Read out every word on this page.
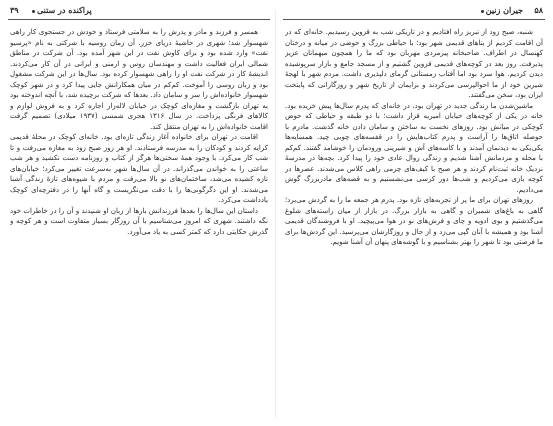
۳۹	پراکنده در ستنی

همسر و فرزند و مادر و پدرش را به سلامتی فرستاد و خودش در جستجوی کار راهی شهسوار شد؛ شهری در حاشیهٔ دریای خزر. آن زمان روسیه با شرکتی به نام «پرسیو نفت» وارد شده بود و برای کاوش نفت در این شهر آمده بود. آن شرکت در مناطق شمالی ایران فعالیت داشت و مهندسان روس و ارمنی و ایرانی در آن کار می‌کردند. اندیشهٔ کار در شرکت نفت او را راهی شهسوار کرده بود. سال‌ها در این شرکت مشغول بود و زبان روسی را آموخت. کم‌کم در میان همکارانش جایی پیدا کرد و در شهر کوچک شهسوار خانواده‌اش را سر و سامان داد. بعدها که شرکت برچیده شد، با آنچه اندوخته بود به تهران بازگشت و مغازه‌ای کوچک در خیابان لاله‌زار اجاره کرد و به فروش لوازم و کالاهای فرنگی پرداخت. در سال ۱۳۱۶ هجری شمسی (۱۹۳۷ میلادی) تصمیم گرفت اقامت خانواده‌اش را به تهران منتقل کند.

اقامت در تهران برای خانواده آغاز زندگی تازه‌ای بود. خانه‌ای کوچک در محلهٔ قدیمی کرایه کردند و کودکان را به مدرسه فرستادند. او هر روز صبح زود به مغازه می‌رفت و تا شب کار می‌کرد. با وجود همهٔ سختی‌ها هرگز از کتاب و روزنامه دست نکشید و هر شب ساعتی را به خواندن می‌گذراند. در آن سال‌ها شهر به‌سرعت تغییر می‌کرد؛ خیابان‌های تازه کشیده می‌شد، ساختمان‌های نو بالا می‌رفت و مردم با شیوه‌های تازهٔ زندگی آشنا می‌شدند. او این دگرگونی‌ها را با دقت می‌نگریست و گاه آنها را در دفترچه‌ای کوچک یادداشت می‌کرد.

داستان این سال‌ها را بعدها فرزندانش بارها از زبان او شنیدند و آن را در خاطرات خود نگه داشتند. شهری که امروز می‌شناسیم با آن روزگار بسیار متفاوت است و هر کوچه و گذرش حکایتی دارد که کمتر کسی به یاد می‌آورد.

۵۸
جیران زنین

شنبه، صبح زود از تبریز راه افتادیم و در تاریکی شب به قزوین رسیدیم. خانه‌ای که در آن اقامت کردیم از بناهای قدیمی شهر بود؛ با حیاطی بزرگ و حوضی در میانه و درختان کهنسال در اطراف. صاحبخانه پیرمردی مهربان بود که ما را همچون میهمانان عزیز پذیرفت. روز بعد در کوچه‌های قدیمی قزوین گشتیم و از مسجد جامع و بازار سرپوشیده دیدن کردیم. هوا سرد بود اما آفتاب زمستانی گرمای دلپذیری داشت. مردم شهر با لهجهٔ شیرین خود از ما احوالپرسی می‌کردند و برایمان از تاریخ شهر و روزگارانی که پایتخت ایران بود، سخن می‌گفتند.

ماشین‌شدن ما زندگی جدید در تهران بود، در خانه‌ای که پدرم سال‌ها پیش خریده بود. خانه در یکی از کوچه‌های خیابان امیریه قرار داشت؛ با دو طبقه و حیاطی که حوض کوچکی در میانش بود. روزهای نخست به ساختن و سامان دادن خانه گذشت. مادرم با حوصله اتاق‌ها را آراست و پدرم کتاب‌هایش را در قفسه‌های چوبی چید. همسایه‌ها یکی‌یکی به دیدنمان آمدند و با کاسه‌های آش و شیرینی ورودمان را خوشامد گفتند. کم‌کم با محله و مردمانش آشنا شدیم و زندگی روال عادی خود را پیدا کرد. بچه‌ها در مدرسهٔ نزدیک خانه ثبت‌نام کردند و هر صبح با کیف‌های چرمی راهی کلاس می‌شدند. عصرها در کوچه بازی می‌کردیم و شب‌ها دور کرسی می‌نشستیم و به قصه‌های مادربزرگ گوش می‌دادیم.

روزهای تهران برای ما پر از تجربه‌های تازه بود. پدرم هر جمعه ما را به گردش می‌برد؛ گاهی به باغ‌های شمیران و گاهی به بازار بزرگ. در بازار از میان راسته‌های شلوغ می‌گذشتیم و بوی ادویه و چای و فرش‌های نو در هوا می‌پیچید. او با فروشندگان قدیمی آشنا بود و همیشه با آنان گپی می‌زد و از حال و روزگارشان می‌پرسید. این گردش‌ها برای ما فرصتی بود تا شهر را بهتر بشناسیم و با گوشه‌های پنهان آن آشنا شویم.
